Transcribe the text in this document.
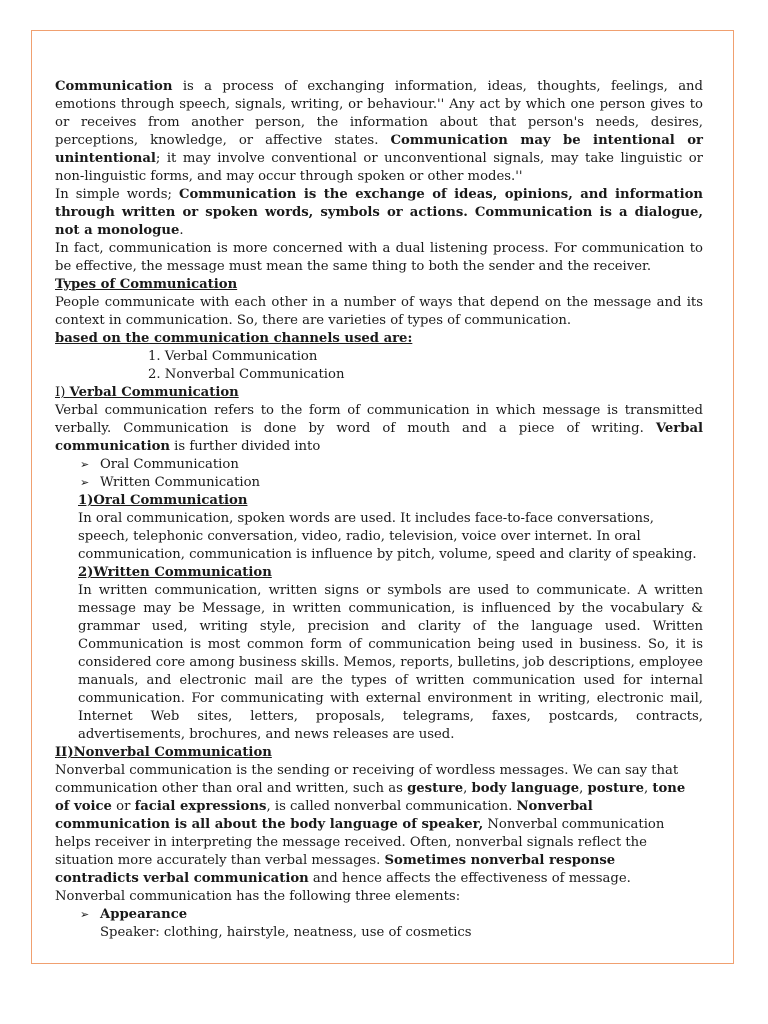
Communication is a process of exchanging information, ideas, thoughts, feelings, and emotions through speech, signals, writing, or behaviour.'' Any act by which one person gives to or receives from another person, the information about that person's needs, desires, perceptions, knowledge, or affective states. Communication may be intentional or unintentional; it may involve conventional or unconventional signals, may take linguistic or non-linguistic forms, and may occur through spoken or other modes.''

In simple words; Communication is the exchange of ideas, opinions, and information through written or spoken words, symbols or actions. Communication is a dialogue, not a monologue.

In fact, communication is more concerned with a dual listening process. For communication to be effective, the message must mean the same thing to both the sender and the receiver.

Types of Communication

People communicate with each other in a number of ways that depend on the message and its context in communication. So, there are varieties of types of communication.

based on the communication channels used are:

1. Verbal Communication

2. Nonverbal Communication

I) Verbal Communication

Verbal communication refers to the form of communication in which message is transmitted verbally. Communication is done by word of mouth and a piece of writing. Verbal communication is further divided into

➢ Oral Communication

➢ Written Communication

1)Oral Communication

In oral communication, spoken words are used. It includes face-to-face conversations, speech, telephonic conversation, video, radio, television, voice over internet. In oral communication, communication is influence by pitch, volume, speed and clarity of speaking.

2)Written Communication

In written communication, written signs or symbols are used to communicate. A written message may be Message, in written communication, is influenced by the vocabulary & grammar used, writing style, precision and clarity of the language used. Written Communication is most common form of communication being used in business. So, it is considered core among business skills. Memos, reports, bulletins, job descriptions, employee manuals, and electronic mail are the types of written communication used for internal communication. For communicating with external environment in writing, electronic mail, Internet Web sites, letters, proposals, telegrams, faxes, postcards, contracts, advertisements, brochures, and news releases are used.

II)Nonverbal Communication

Nonverbal communication is the sending or receiving of wordless messages. We can say that communication other than oral and written, such as gesture, body language, posture, tone of voice or facial expressions, is called nonverbal communication. Nonverbal communication is all about the body language of speaker, Nonverbal communication helps receiver in interpreting the message received. Often, nonverbal signals reflect the situation more accurately than verbal messages. Sometimes nonverbal response contradicts verbal communication and hence affects the effectiveness of message. Nonverbal communication has the following three elements:

➢ Appearance

Speaker: clothing, hairstyle, neatness, use of cosmetics
